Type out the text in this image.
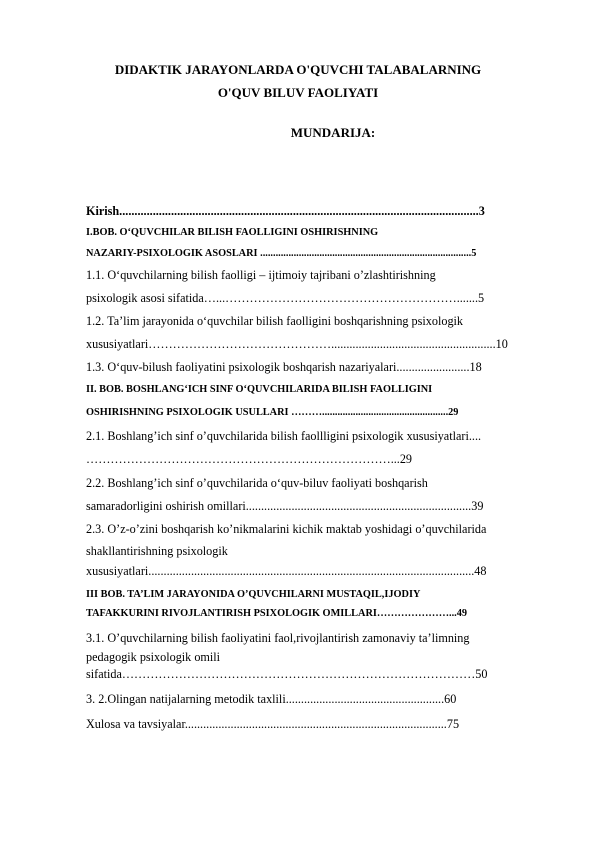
DIDAKTIK JARAYONLARDA O'QUVCHI TALABALARNING
O'QUV BILUV FAOLIYATI
MUNDARIJA:
Kirish......................................................................................................................3
I.BOB. O‘QUVCHILAR BILISH FAOLLIGINI OSHIRISHNING
NAZARIY-PSIXOLOGIK ASOSLARI ..................................................................................5
1.1. O‘quvchilarning bilish faolligi – ijtimoiy tajribani o’zlashtirishning
psixologik asosi sifatida…...………………………………………………….......5
1.2. Ta’lim jarayonida o‘quvchilar bilish faolligini boshqarishning psixologik
xususiyatlari………………………………………......................................................10
1.3. O‘quv-bilush faoliyatini psixologik boshqarish nazariyalari........................18
II. BOB. BOSHLANG‘ICH SINF O‘QUVCHILARIDA BILISH FAOLLIGINI
OSHIRISHNING PSIXOLOGIK USULLARI ……….................................................29
2.1. Boshlang’ich sinf o’quvchilarida bilish faollligini psixologik xususiyatlari....
…………………………………………………………………...29
2.2. Boshlang’ich sinf o’quvchilarida o‘quv-biluv faoliyati boshqarish
samaradorligini oshirish omillari..........................................................................39
2.3. O’z-o’zini boshqarish ko’nikmalarini kichik maktab yoshidagi o’quvchilarida
shakllantirishning psixologik
xususiyatlari...........................................................................................................48
III BOB. TA’LIM JARAYONIDA O’QUVCHILARNI MUSTAQIL,IJODIY
TAFAKKURINI RIVOJLANTIRISH PSIXOLOGIK OMILLARI…………………...49
3.1. O’quvchilarning bilish faoliyatini faol,rivojlantirish zamonaviy ta’limning
pedagogik psixologik omili
sifatida……………………………………………………………………………50
3. 2.Olingan natijalarning metodik taxlili....................................................60
Xulosa va tavsiyalar......................................................................................75
